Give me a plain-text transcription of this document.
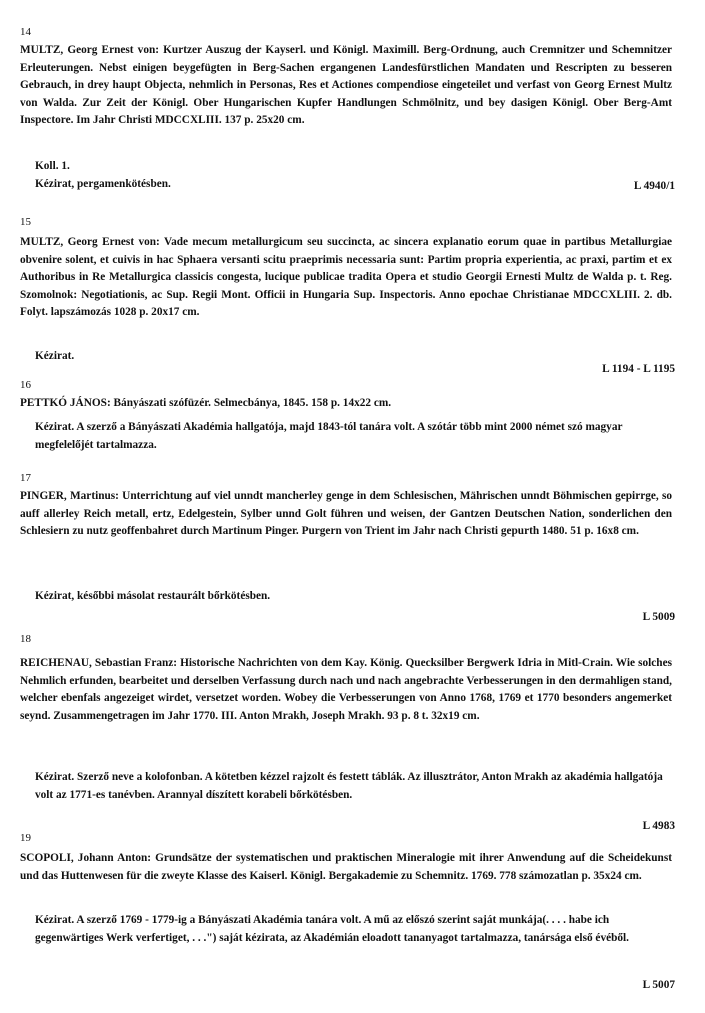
14
MULTZ, Georg Ernest von: Kurtzer Auszug der Kayserl. und Königl. Maximill. Berg-Ordnung, auch Cremnitzer und Schemnitzer Erleuterungen. Nebst einigen beygefügten in Berg-Sachen ergangenen Landesfürstlichen Mandaten und Rescripten zu besseren Gebrauch, in drey haupt Objecta, nehmlich in Personas, Res et Actiones compendiose eingeteilet und verfast von Georg Ernest Multz von Walda. Zur Zeit der Königl. Ober Hungarischen Kupfer Handlungen Schmölnitz, und bey dasigen Königl. Ober Berg-Amt Inspectore. Im Jahr Christi MDCCXLIII. 137 p. 25x20 cm.
Koll. 1.
Kézirat, pergamenkötésben.	L 4940/1
15
MULTZ, Georg Ernest von: Vade mecum metallurgicum seu succincta, ac sincera explanatio eorum quae in partibus Metallurgiae obvenire solent, et cuivis in hac Sphaera versanti scitu praeprimis necessaria sunt: Partim propria experientia, ac praxi, partim et ex Authoribus in Re Metallurgica classicis congesta, lucique publicae tradita Opera et studio Georgii Ernesti Multz de Walda p. t. Reg. Szomolnok: Negotiationis, ac Sup. Regii Mont. Officii in Hungaria Sup. Inspectoris. Anno epochae Christianae MDCCXLIII. 2. db. Folyt. lapszámozás 1028 p. 20x17 cm.
Kézirat.
L 1194 - L 1195
16
PETTKÓ JÁNOS: Bányászati szófüzér. Selmecbánya, 1845. 158 p. 14x22 cm.
Kézirat. A szerző a Bányászati Akadémia hallgatója, majd 1843-tól tanára volt. A szótár több mint 2000 német szó magyar megfelelőjét tartalmazza.
17
PINGER, Martinus: Unterrichtung auf viel unndt mancherley genge in dem Schlesischen, Mährischen unndt Böhmischen gepirrge, so auff allerley Reich metall, ertz, Edelgestein, Sylber unnd Golt führen und weisen, der Gantzen Deutschen Nation, sonderlichen den Schlesiern zu nutz geoffenbahret durch Martinum Pinger. Purgern von Trient im Jahr nach Christi gepurth 1480. 51 p. 16x8 cm.
Kézirat, későbbi másolat restaurált bőrkötésben.
L 5009
18
REICHENAU, Sebastian Franz: Historische Nachrichten von dem Kay. König. Quecksilber Bergwerk Idria in Mitl-Crain. Wie solches Nehmlich erfunden, bearbeitet und derselben Verfassung durch nach und nach angebrachte Verbesserungen in den dermahligen stand, welcher ebenfals angezeiget wirdet, versetzet worden. Wobey die Verbesserungen von Anno 1768, 1769 et 1770 besonders angemerket seynd. Zusammengetragen im Jahr 1770. III. Anton Mrakh, Joseph Mrakh. 93 p. 8 t. 32x19 cm.
Kézirat. Szerző neve a kolofonban. A kötetben kézzel rajzolt és festett táblák. Az illusztrátor, Anton Mrakh az akadémia hallgatója volt az 1771-es tanévben. Arannyal díszített korabeli bőrkötésben.
L 4983
19
SCOPOLI, Johann Anton: Grundsätze der systematischen und praktischen Mineralogie mit ihrer Anwendung auf die Scheidekunst und das Huttenwesen für die zweyte Klasse des Kaiserl. Königl. Bergakademie zu Schemnitz. 1769. 778 számozatlan p. 35x24 cm.
Kézirat. A szerző 1769 - 1779-ig a Bányászati Akadémia tanára volt. A mű az előszó szerint saját munkája(. . . . habe ich gegenwärtiges Werk verfertiget, . . .") saját kézirata, az Akadémián eloadott tananyagot tartalmazza, tanársága első évéből.
L 5007
